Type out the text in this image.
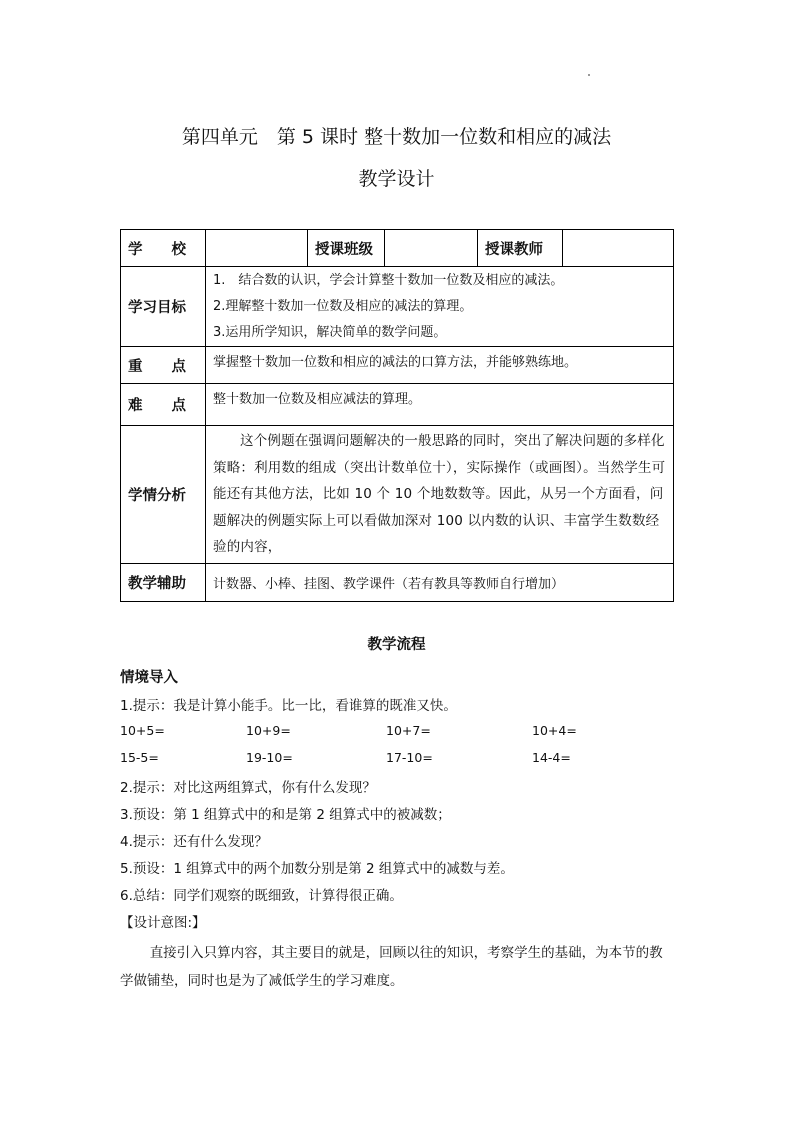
第四单元　第 5 课时 整十数加一位数和相应的减法
教学设计
学　　校		授课班级		授课教师	
学习目标	1.　结合数的认识，学会计算整十数加一位数及相应的减法。
2.理解整十数加一位数及相应的减法的算理。
3.运用所学知识，解决简单的数学问题。				

重　　点	掌握整十数加一位数和相应的减法的口算方法，并能够熟练地。				
难　　点	整十数加一位数及相应减法的算理。				
学情分析	这个例题在强调问题解决的一般思路的同时，突出了解决问题的多样化策略：利用数的组成（突出计数单位十），实际操作（或画图）。当然学生可能还有其他方法，比如 10 个 10 个地数数等。因此，从另一个方面看，问题解决的例题实际上可以看做加深对 100 以内数的认识、丰富学生数数经验的内容，				
教学辅助	计数器、小棒、挂图、教学课件（若有教具等教师自行增加）				
教学流程
情境导入
1.提示：我是计算小能手。比一比，看谁算的既准又快。
10+5=	10+9=	10+7=	10+4=
15-5=	19-10=	17-10=	14-4=
2.提示：对比这两组算式，你有什么发现？
3.预设：第 1 组算式中的和是第 2 组算式中的被减数；
4.提示：还有什么发现？
5.预设：1 组算式中的两个加数分别是第 2 组算式中的减数与差。
6.总结：同学们观察的既细致，计算得很正确。
【设计意图:】
直接引入只算内容，其主要目的就是，回顾以往的知识，考察学生的基础，为本节的教学做铺垫，同时也是为了减低学生的学习难度。
